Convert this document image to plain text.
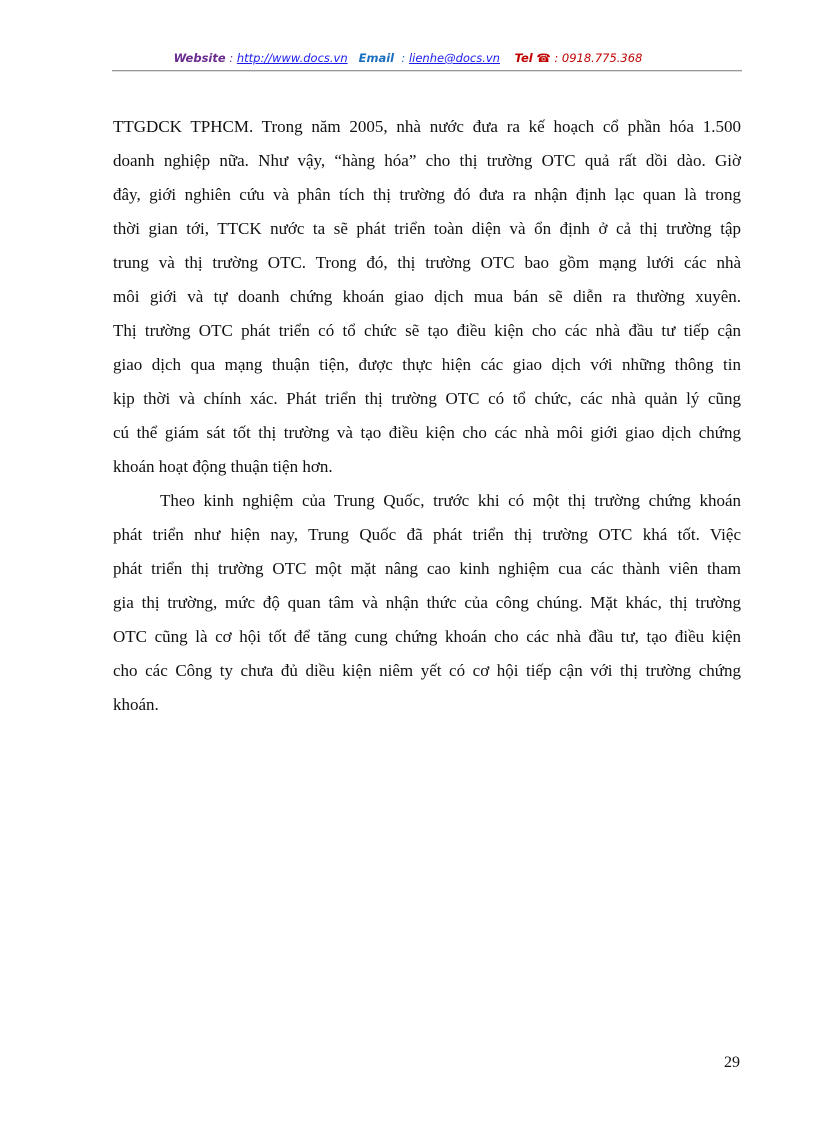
Website : http://www.docs.vn Email  : lienhe@docs.vn Tel ☎ : 0918.775.368
TTGDCK TPHCM. Trong năm 2005, nhà nước đưa ra kế hoạch cổ phần hóa 1.500
doanh nghiệp nữa. Như vậy, “hàng hóa” cho thị trường OTC quả rất dồi dào. Giờ
đây, giới nghiên cứu và phân tích thị trường đó đưa ra nhận định lạc quan là trong
thời gian tới, TTCK nước ta sẽ phát triển toàn diện và ổn định ở cả thị trường tập
trung và thị trường OTC. Trong đó, thị trường OTC bao gồm mạng lưới các nhà
môi giới và tự doanh chứng khoán giao dịch mua bán sẽ diễn ra thường xuyên.
Thị trường OTC phát triển có tổ chức sẽ tạo điều kiện cho các nhà đầu tư tiếp cận
giao dịch qua mạng thuận tiện, được thực hiện các giao dịch với những thông tin
kịp thời và chính xác. Phát triển thị trường OTC có tổ chức, các nhà quản lý cũng
cú thể giám sát tốt thị trường và tạo điều kiện cho các nhà môi giới giao dịch chứng
khoán hoạt động thuận tiện hơn.
Theo kinh nghiệm của Trung Quốc, trước khi có một thị trường chứng khoán
phát triển như hiện nay, Trung Quốc đã phát triển thị trường OTC khá tốt. Việc
phát triển thị trường OTC một mặt nâng cao kinh nghiệm cua các thành viên tham
gia thị trường, mức độ quan tâm và nhận thức của công chúng. Mặt khác, thị trường
OTC cũng là cơ hội tốt để tăng cung chứng khoán cho các nhà đầu tư, tạo điều kiện
cho các Công ty chưa đủ diều kiện niêm yết có cơ hội tiếp cận với thị trường chứng
khoán.
29
